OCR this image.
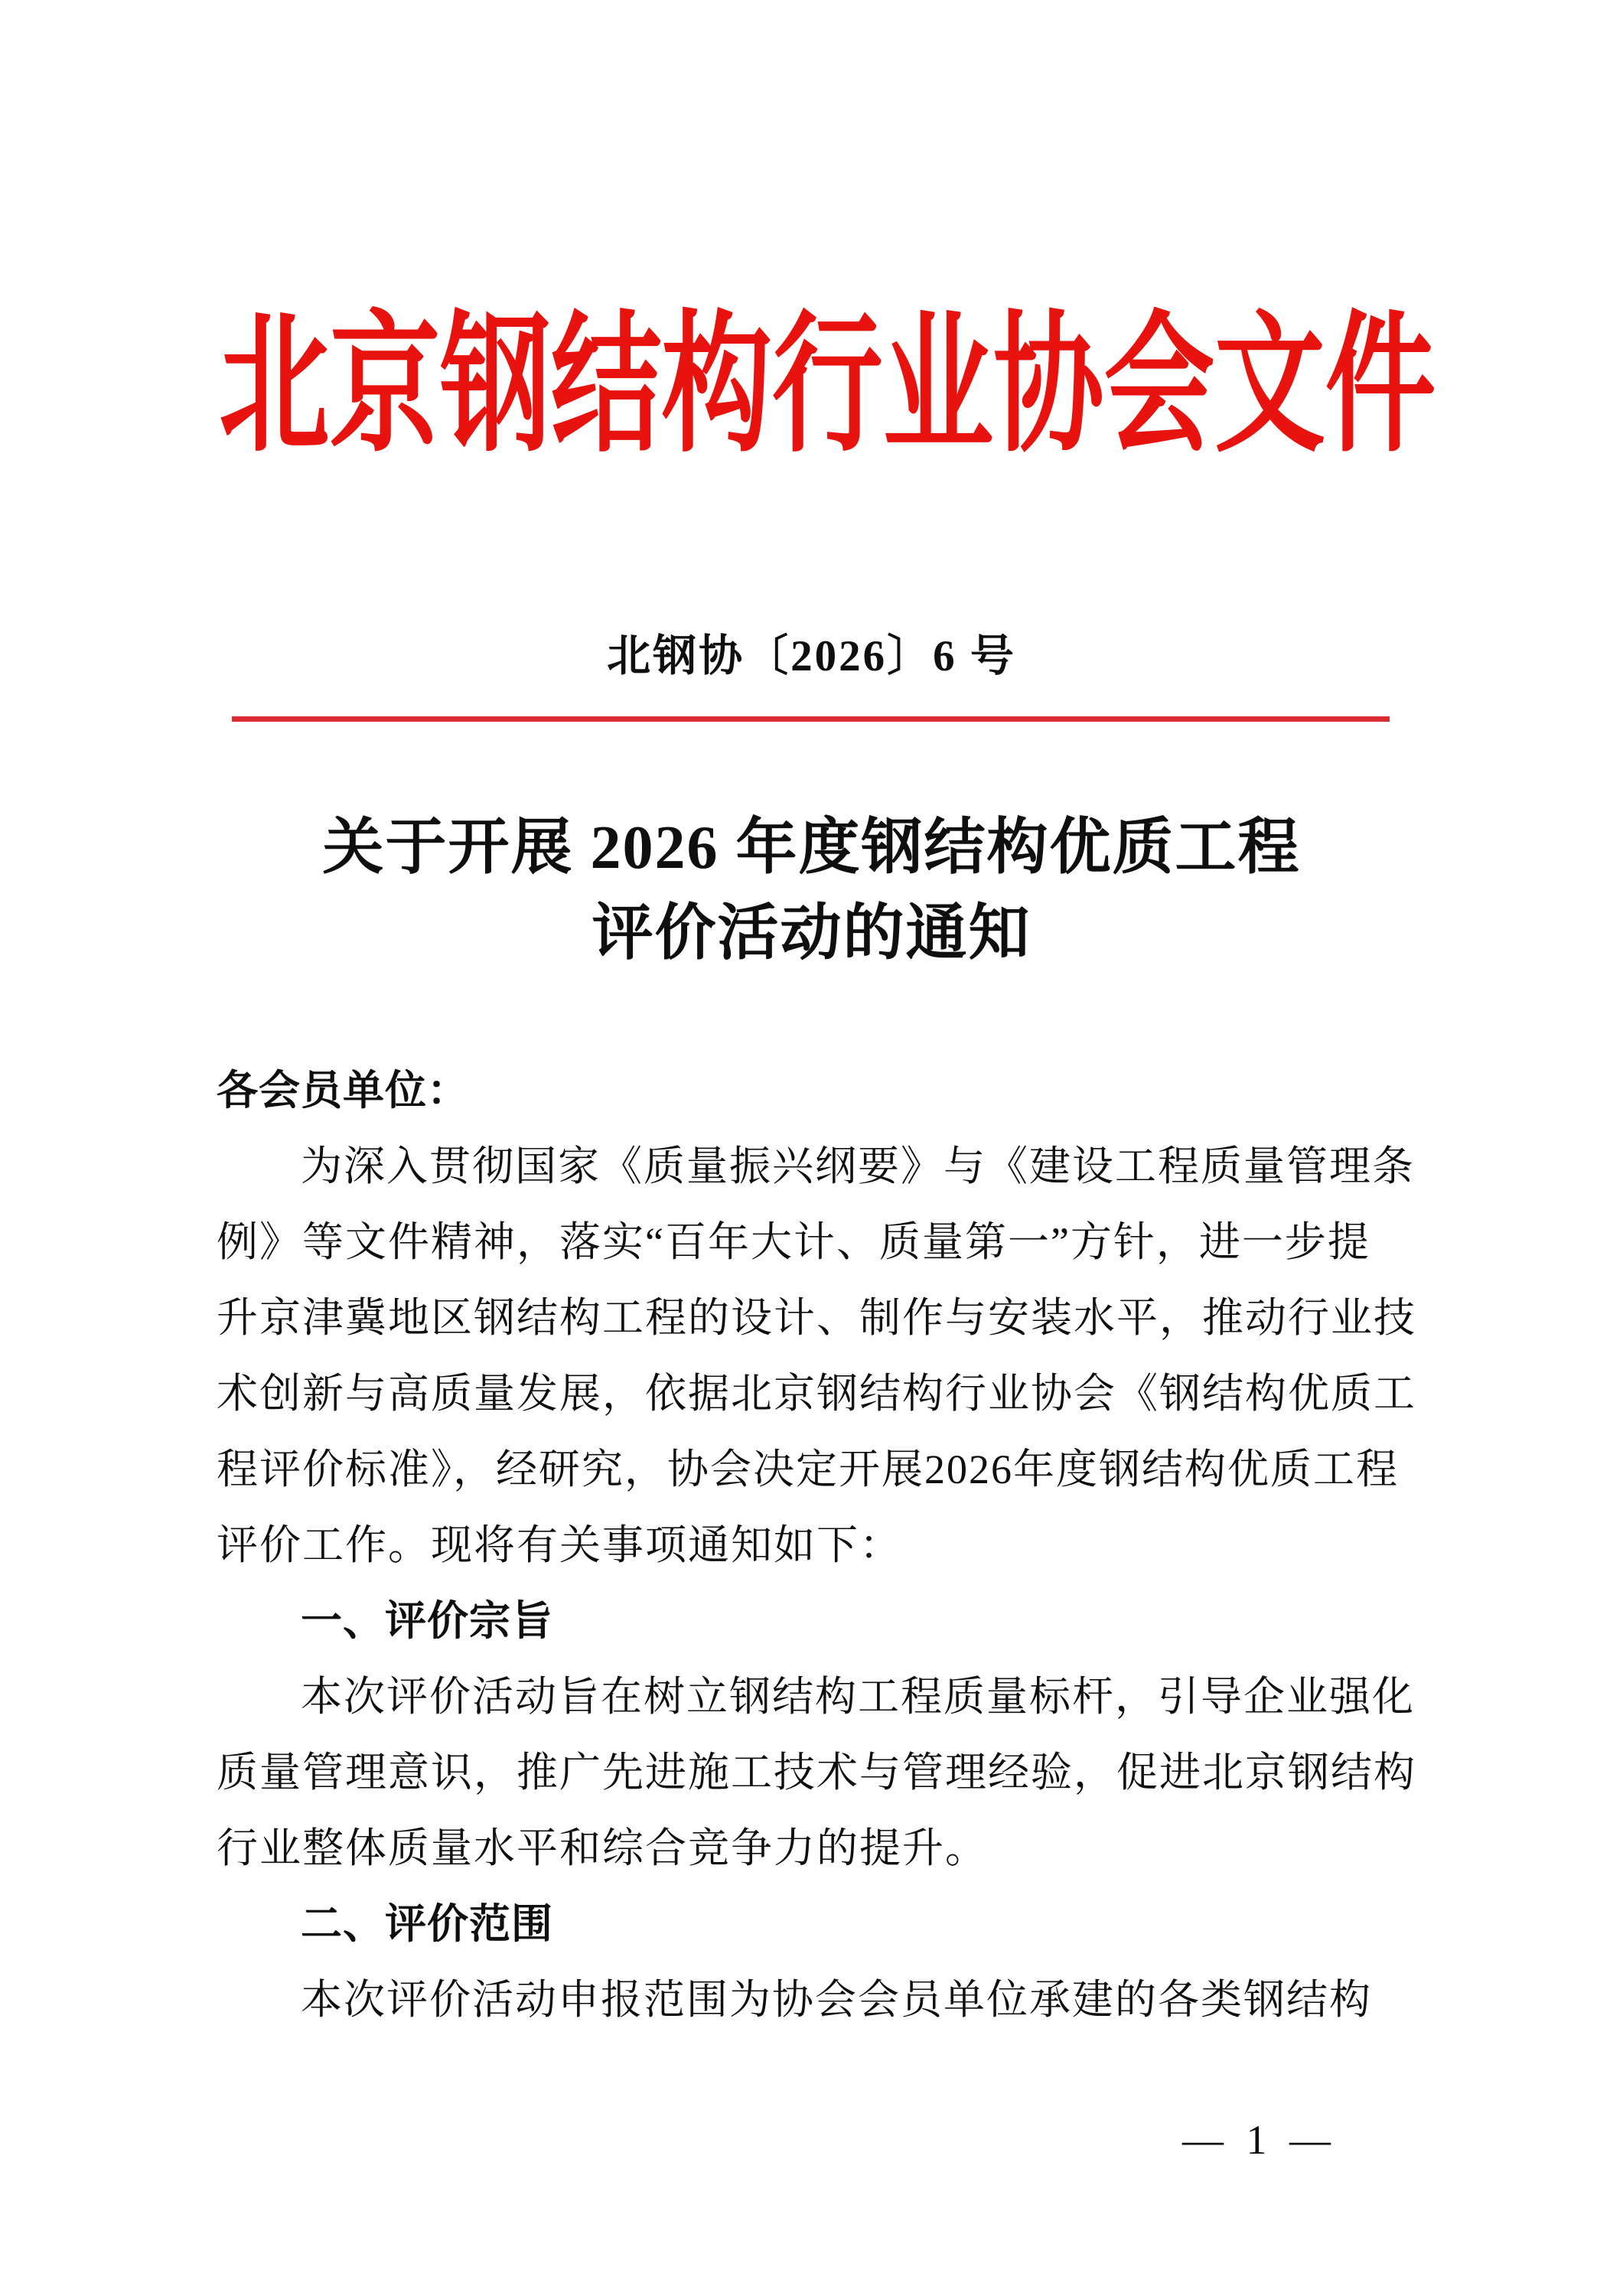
北京钢结构行业协会文件
北钢协〔2026〕6 号
关于开展 2026 年度钢结构优质工程
评价活动的通知
各会员单位：
为深入贯彻国家《质量振兴纲要》与《建设工程质量管理条
例》等文件精神，落实“百年大计、质量第一”方针，进一步提
升京津冀地区钢结构工程的设计、制作与安装水平，推动行业技
术创新与高质量发展，依据北京钢结构行业协会《钢结构优质工
程评价标准》，经研究，协会决定开展2026年度钢结构优质工程
评价工作。现将有关事项通知如下：
一、评价宗旨
本次评价活动旨在树立钢结构工程质量标杆，引导企业强化
质量管理意识，推广先进施工技术与管理经验，促进北京钢结构
行业整体质量水平和综合竞争力的提升。
二、评价范围
本次评价活动申报范围为协会会员单位承建的各类钢结构
— 1 —
